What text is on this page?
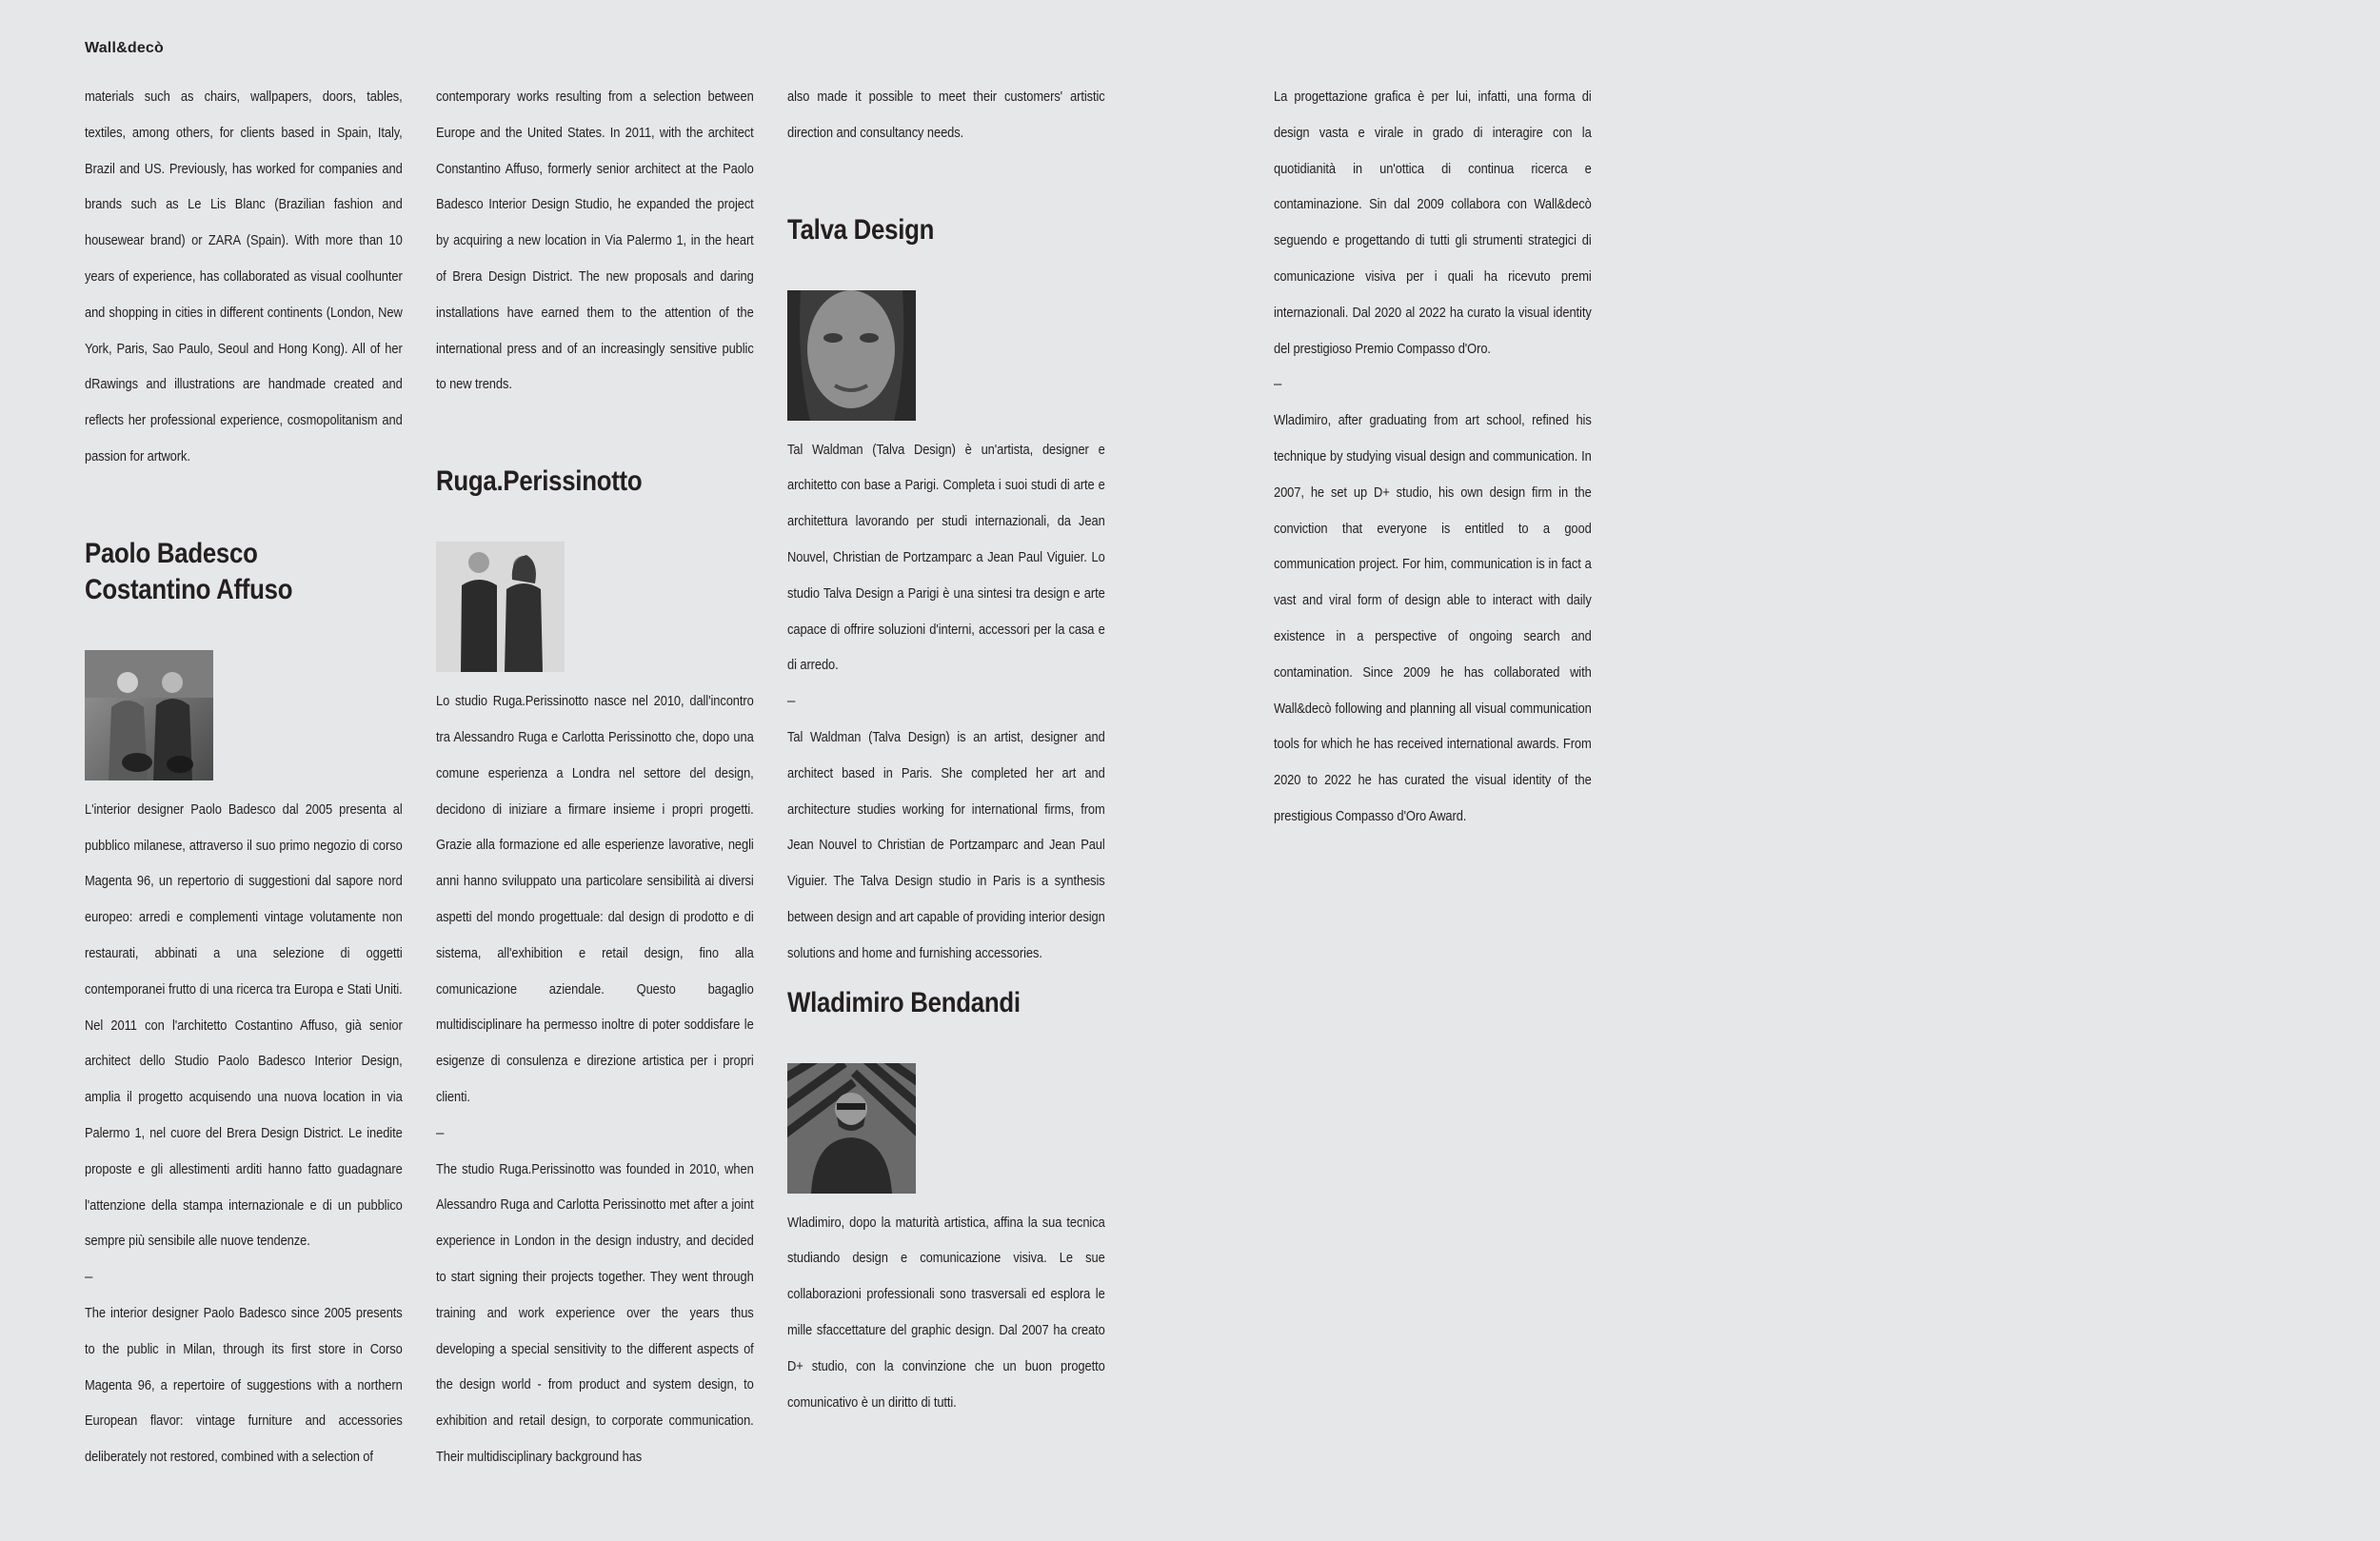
Wall&decò

materials such as chairs, wallpapers, doors, tables, textiles, among others, for clients based in Spain, Italy, Brazil and US. Previously, has worked for companies and brands such as Le Lis Blanc (Brazilian fashion and housewear brand) or ZARA (Spain). With more than 10 years of experience, has collaborated as visual coolhunter and shopping in cities in different continents (London, New York, Paris, Sao Paulo, Seoul and Hong Kong). All of her dRawings and illustrations are handmade created and reflects her professional experience, cosmopolitanism and passion for artwork.

Paolo Badesco
Costantino Affuso

L'interior designer Paolo Badesco dal 2005 presenta al pubblico milanese, attraverso il suo primo negozio di corso Magenta 96, un repertorio di suggestioni dal sapore nord europeo: arredi e complementi vintage volutamente non restaurati, abbinati a una selezione di oggetti contemporanei frutto di una ricerca tra Europa e Stati Uniti. Nel 2011 con l'architetto Costantino Affuso, già senior architect dello Studio Paolo Badesco Interior Design, amplia il progetto acquisendo una nuova location in via Palermo 1, nel cuore del Brera Design District. Le inedite proposte e gli allestimenti arditi hanno fatto guadagnare l'attenzione della stampa internazionale e di un pubblico sempre più sensibile alle nuove tendenze.

–

The interior designer Paolo Badesco since 2005 presents to the public in Milan, through its first store in Corso Magenta 96, a repertoire of suggestions with a northern European flavor: vintage furniture and accessories deliberately not restored, combined with a selection of

contemporary works resulting from a selection between Europe and the United States. In 2011, with the architect Constantino Affuso, formerly senior architect at the Paolo Badesco Interior Design Studio, he expanded the project by acquiring a new location in Via Palermo 1, in the heart of Brera Design District. The new proposals and daring installations have earned them to the attention of the international press and of an increasingly sensitive public to new trends.

Ruga.Perissinotto

Lo studio Ruga.Perissinotto nasce nel 2010, dall'incontro tra Alessandro Ruga e Carlotta Perissinotto che, dopo una comune esperienza a Londra nel settore del design, decidono di iniziare a firmare insieme i propri progetti. Grazie alla formazione ed alle esperienze lavorative, negli anni hanno sviluppato una particolare sensibilità ai diversi aspetti del mondo progettuale: dal design di prodotto e di sistema, all'exhibition e retail design, fino alla comunicazione aziendale. Questo bagaglio multidisciplinare ha permesso inoltre di poter soddisfare le esigenze di consulenza e direzione artistica per i propri clienti.

–

The studio Ruga.Perissinotto was founded in 2010, when Alessandro Ruga and Carlotta Perissinotto met after a joint experience in London in the design industry, and decided to start signing their projects together. They went through training and work experience over the years thus developing a special sensitivity to the different aspects of the design world - from product and system design, to exhibition and retail design, to corporate communication. Their multidisciplinary background has

also made it possible to meet their customers' artistic direction and consultancy needs.

Talva Design

Tal Waldman (Talva Design) è un'artista, designer e architetto con base a Parigi. Completa i suoi studi di arte e architettura lavorando per studi internazionali, da Jean Nouvel, Christian de Portzamparc a Jean Paul Viguier. Lo studio Talva Design a Parigi è una sintesi tra design e arte capace di offrire soluzioni d'interni, accessori per la casa e di arredo.

–

Tal Waldman (Talva Design) is an artist, designer and architect based in Paris. She completed her art and architecture studies working for international firms, from Jean Nouvel to Christian de Portzamparc and Jean Paul Viguier. The Talva Design studio in Paris is a synthesis between design and art capable of providing interior design solutions and home and furnishing accessories.

Wladimiro Bendandi

Wladimiro, dopo la maturità artistica, affina la sua tecnica studiando design e comunicazione visiva. Le sue collaborazioni professionali sono trasversali ed esplora le mille sfaccettature del graphic design. Dal 2007 ha creato D+ studio, con la convinzione che un buon progetto comunicativo è un diritto di tutti.

La progettazione grafica è per lui, infatti, una forma di design vasta e virale in grado di interagire con la quotidianità in un'ottica di continua ricerca e contaminazione. Sin dal 2009 collabora con Wall&decò seguendo e progettando di tutti gli strumenti strategici di comunicazione visiva per i quali ha ricevuto premi internazionali. Dal 2020 al 2022 ha curato la visual identity del prestigioso Premio Compasso d'Oro.

–

Wladimiro, after graduating from art school, refined his technique by studying visual design and communication. In 2007, he set up D+ studio, his own design firm in the conviction that everyone is entitled to a good communication project. For him, communication is in fact a vast and viral form of design able to interact with daily existence in a perspective of ongoing search and contamination. Since 2009 he has collaborated with Wall&decò following and planning all visual communication tools for which he has received international awards. From 2020 to 2022 he has curated the visual identity of the prestigious Compasso d'Oro Award.
